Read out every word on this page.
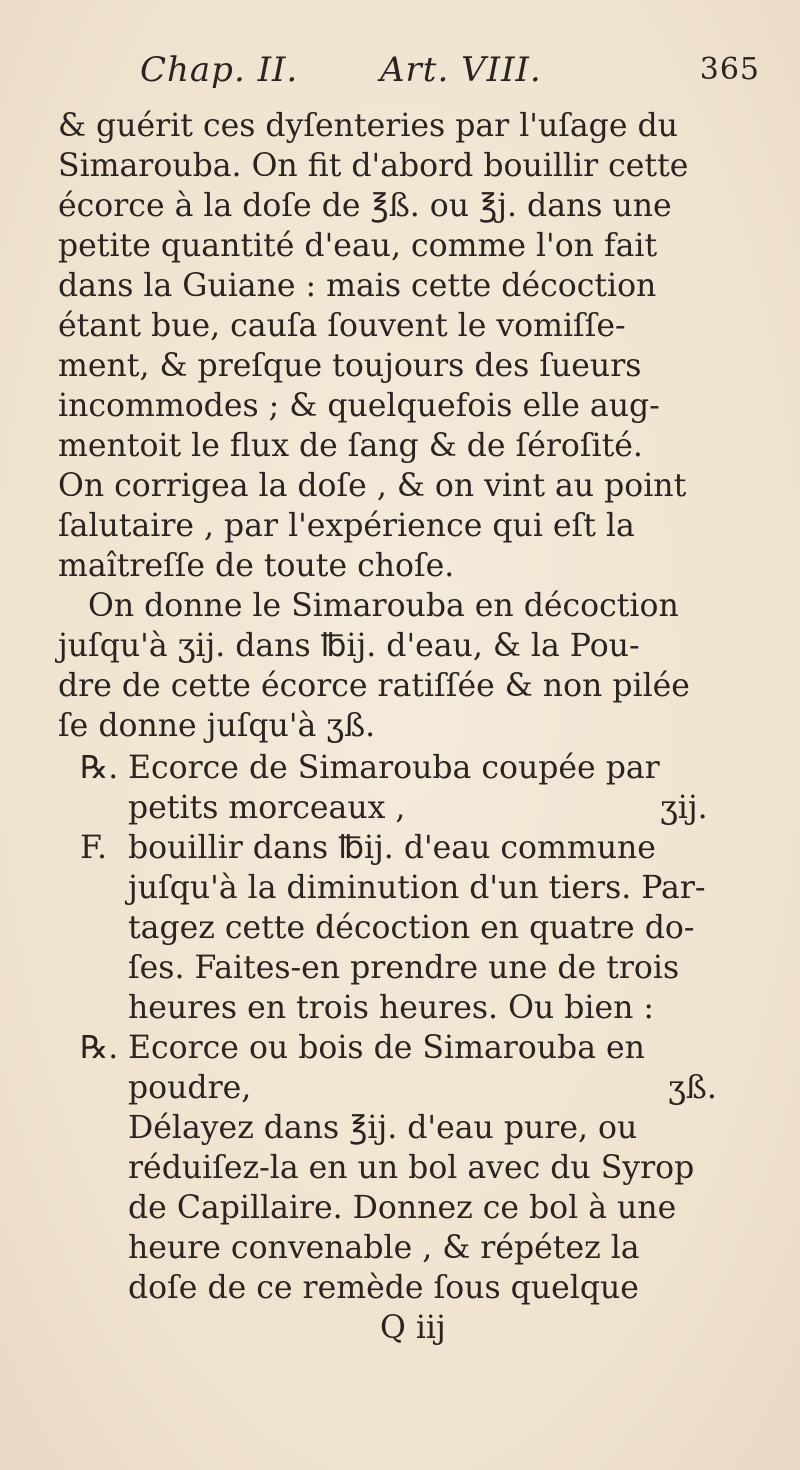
Chap. II. Art. VIII.	365
& guérit ces dyſenteries par l'uſage du
Simarouba. On fit d'abord bouillir cette
écorce à la doſe de ℥ß. ou ℥j. dans une
petite quantité d'eau, comme l'on fait
dans la Guiane : mais cette décoction
étant bue, cauſa ſouvent le vomiſſe-
ment, & preſque toujours des ſueurs
incommodes ; & quelquefois elle aug-
mentoit le flux de ſang & de ſéroſité.
On corrigea la doſe , & on vint au point
ſalutaire , par l'expérience qui eſt la
maîtreſſe de toute choſe.
On donne le Simarouba en décoction
juſqu'à ʒij. dans ℔ij. d'eau, & la Pou-
dre de cette écorce ratiſſée & non pilée
ſe donne juſqu'à ʒß.
℞. Ecorce de Simarouba coupée par
petits morceaux ,	ʒij.
F. bouillir dans ℔ij. d'eau commune
juſqu'à la diminution d'un tiers. Par-
tagez cette décoction en quatre do-
ſes. Faites-en prendre une de trois
heures en trois heures. Ou bien :
℞. Ecorce ou bois de Simarouba en
poudre,	ʒß.
Délayez dans ℥ij. d'eau pure, ou
réduiſez-la en un bol avec du Syrop
de Capillaire. Donnez ce bol à une
heure convenable , & répétez la
doſe de ce remède ſous quelque
Q iij
